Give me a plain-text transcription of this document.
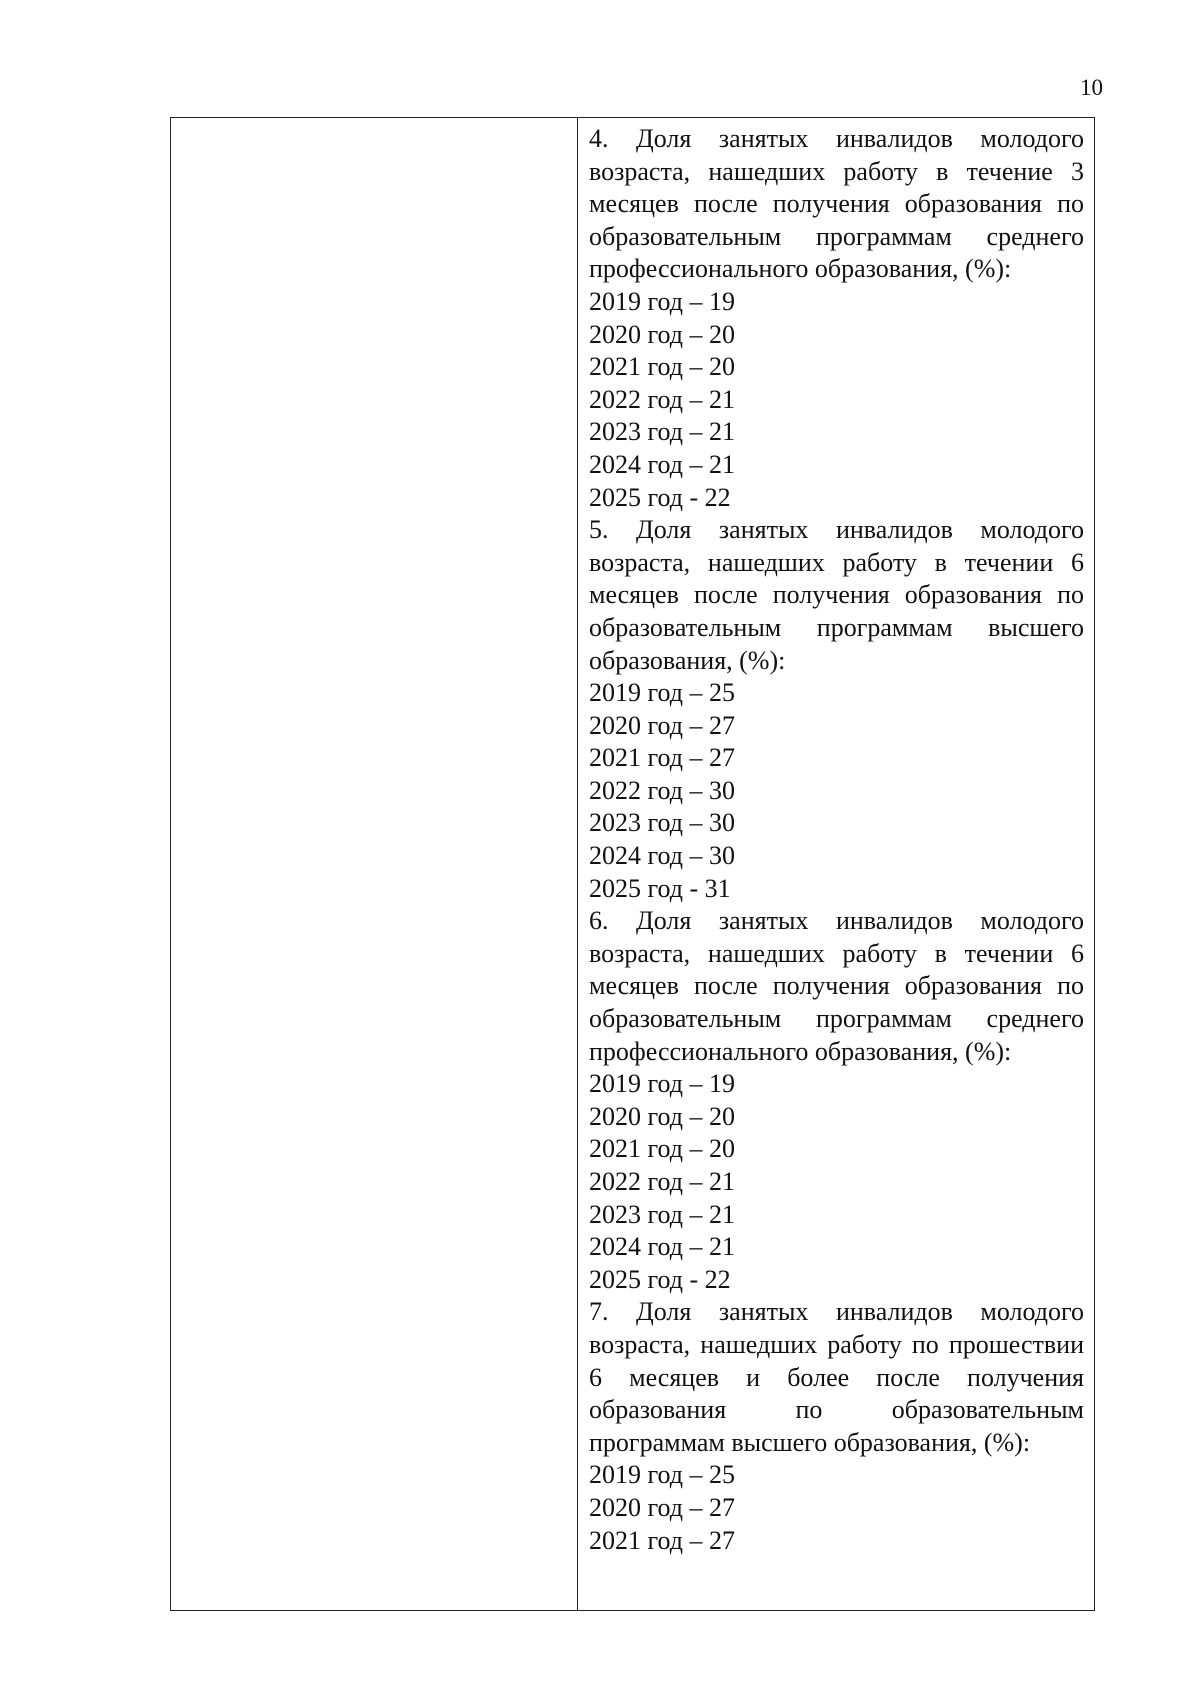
10

4. Доля занятых инвалидов молодого возраста, нашедших работу в течение 3 месяцев после получения образования по образовательным программам среднего профессионального образования, (%):

2019 год – 19

2020 год – 20

2021 год – 20

2022 год – 21

2023 год – 21

2024 год – 21

2025 год - 22

5. Доля занятых инвалидов молодого возраста, нашедших работу в течении 6 месяцев после получения образования по образовательным программам высшего образования, (%):

2019 год – 25

2020 год – 27

2021 год – 27

2022 год – 30

2023 год – 30

2024 год – 30

2025 год - 31

6. Доля занятых инвалидов молодого возраста, нашедших работу в течении 6 месяцев после получения образования по образовательным программам среднего профессионального образования, (%):

2019 год – 19

2020 год – 20

2021 год – 20

2022 год – 21

2023 год – 21

2024 год – 21

2025 год - 22

7. Доля занятых инвалидов молодого возраста, нашедших работу по прошествии 6 месяцев и более после получения образования по образовательным программам высшего образования, (%):

2019 год – 25

2020 год – 27

2021 год – 27
